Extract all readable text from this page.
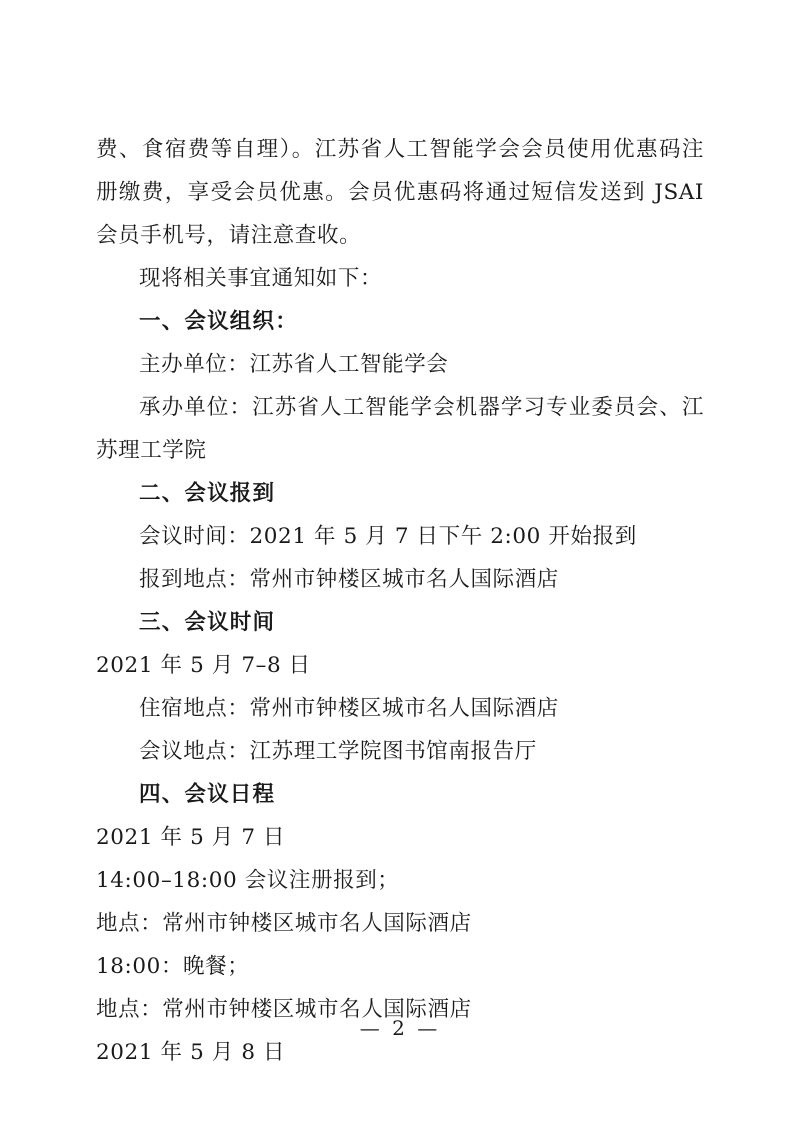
费、食宿费等自理）。江苏省人工智能学会会员使用优惠码注册缴费，享受会员优惠。会员优惠码将通过短信发送到 JSAI 会员手机号，请注意查收。

现将相关事宜通知如下：

一、会议组织：

主办单位：江苏省人工智能学会

承办单位：江苏省人工智能学会机器学习专业委员会、江苏理工学院

二、会议报到

会议时间：2021 年 5 月 7 日下午 2:00 开始报到

报到地点：常州市钟楼区城市名人国际酒店

三、会议时间

2021 年 5 月 7–8 日

住宿地点：常州市钟楼区城市名人国际酒店

会议地点：江苏理工学院图书馆南报告厅

四、会议日程

2021 年 5 月 7 日

14:00–18:00 会议注册报到；

地点：常州市钟楼区城市名人国际酒店

18:00：晚餐；

地点：常州市钟楼区城市名人国际酒店

2021 年 5 月 8 日

— 2 —
